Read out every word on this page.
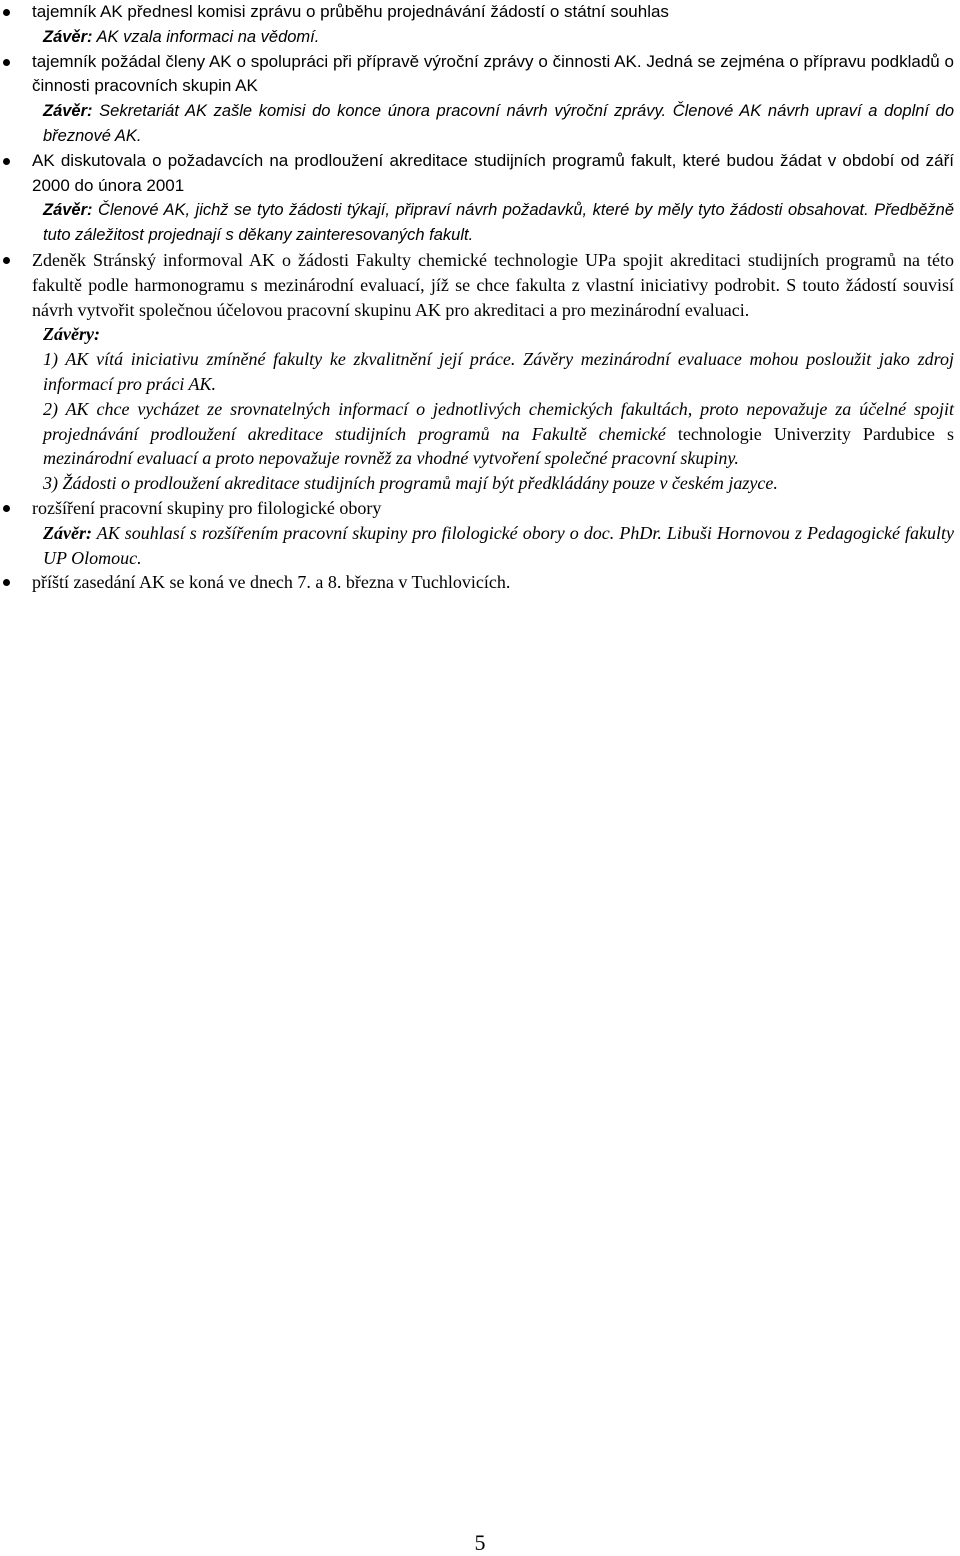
tajemník AK přednesl komisi zprávu o průběhu projednávání žádostí o státní souhlas
Závěr: AK vzala informaci na vědomí.
tajemník požádal členy AK o spolupráci při přípravě výroční zprávy o činnosti AK. Jedná se zejména o přípravu podkladů o činnosti pracovních skupin AK
Závěr: Sekretariát AK zašle komisi do konce února pracovní návrh výroční zprávy. Členové AK návrh upraví a doplní do březnové AK.
AK diskutovala o požadavcích na prodloužení akreditace studijních programů fakult, které budou žádat v období od září 2000 do února 2001
Závěr: Členové AK, jichž se tyto žádosti týkají, připraví návrh požadavků, které by měly tyto žádosti obsahovat. Předběžně tuto záležitost projednají s děkany zainteresovaných fakult.
Zdeněk Stránský informoval AK o žádosti Fakulty chemické technologie UPa spojit akreditaci studijních programů na této fakultě podle harmonogramu s mezinárodní evaluací, jíž se chce fakulta z vlastní iniciativy podrobit. S touto žádostí souvisí návrh vytvořit společnou účelovou pracovní skupinu AK pro akreditaci a pro mezinárodní evaluaci.
Závěry:
1) AK vítá iniciativu zmíněné fakulty ke zkvalitnění její práce. Závěry mezinárodní evaluace mohou posloužit jako zdroj informací pro práci AK.
2) AK chce vycházet ze srovnatelných informací o jednotlivých chemických fakultách, proto nepovažuje za účelné spojit projednávání prodloužení akreditace studijních programů na Fakultě chemické technologie Univerzity Pardubice s mezinárodní evaluací a proto nepovažuje rovněž za vhodné vytvoření společné pracovní skupiny.
3) Žádosti o prodloužení akreditace studijních programů mají být předkládány pouze v českém jazyce.
rozšíření pracovní skupiny pro filologické obory
Závěr: AK souhlasí s rozšířením pracovní skupiny pro filologické obory o doc. PhDr. Libuši Hornovou z Pedagogické fakulty UP Olomouc.
příští zasedání AK se koná ve dnech 7. a 8. března v Tuchlovicích.
5
